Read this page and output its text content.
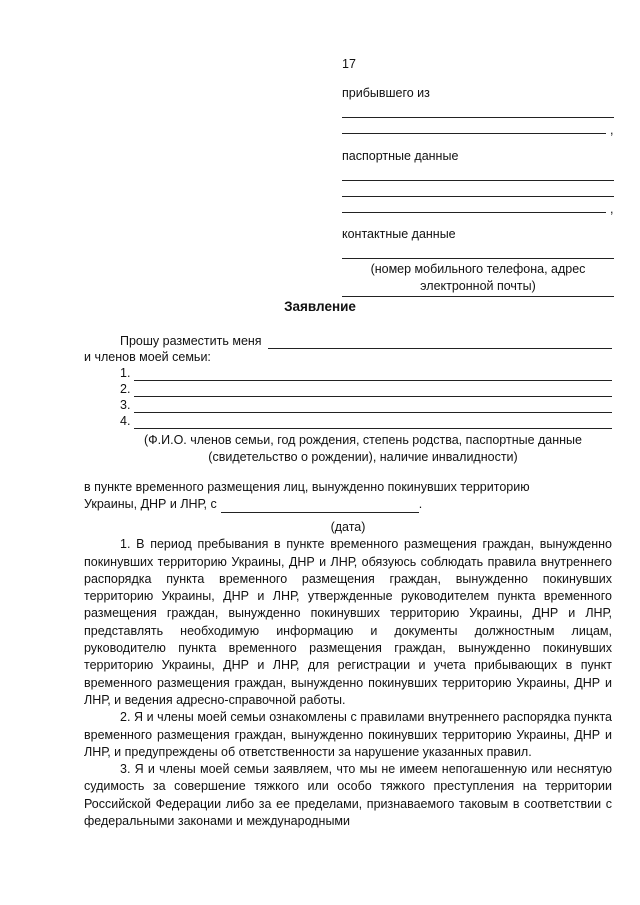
17
прибывшего из
,
паспортные данные
,
контактные данные
(номер мобильного телефона, адрес электронной почты)
Заявление
Прошу разместить меня
и членов моей семьи:
1.
2.
3.
4.
(Ф.И.О. членов семьи, год рождения, степень родства, паспортные данные (свидетельство о рождении), наличие инвалидности)
в пункте временного размещения лиц, вынужденно покинувших территорию
Украины, ДНР и ЛНР, с	.
(дата)

1. В период пребывания в пункте временного размещения граждан, вынужденно покинувших территорию Украины, ДНР и ЛНР, обязуюсь соблюдать правила внутреннего распорядка пункта временного размещения граждан, вынужденно покинувших территорию Украины, ДНР и ЛНР, утвержденные руководителем пункта временного размещения граждан, вынужденно покинувших территорию Украины, ДНР и ЛНР, представлять необходимую информацию и документы должностным лицам, руководителю пункта временного размещения граждан, вынужденно покинувших территорию Украины, ДНР и ЛНР, для регистрации и учета прибывающих в пункт временного размещения граждан, вынужденно покинувших территорию Украины, ДНР и ЛНР, и ведения адресно-справочной работы.

2. Я и члены моей семьи ознакомлены с правилами внутреннего распорядка пункта временного размещения граждан, вынужденно покинувших территорию Украины, ДНР и ЛНР, и предупреждены об ответственности за нарушение указанных правил.

3. Я и члены моей семьи заявляем, что мы не имеем непогашенную или неснятую судимость за совершение тяжкого или особо тяжкого преступления на территории Российской Федерации либо за ее пределами, признаваемого таковым в соответствии с федеральными законами и международными
